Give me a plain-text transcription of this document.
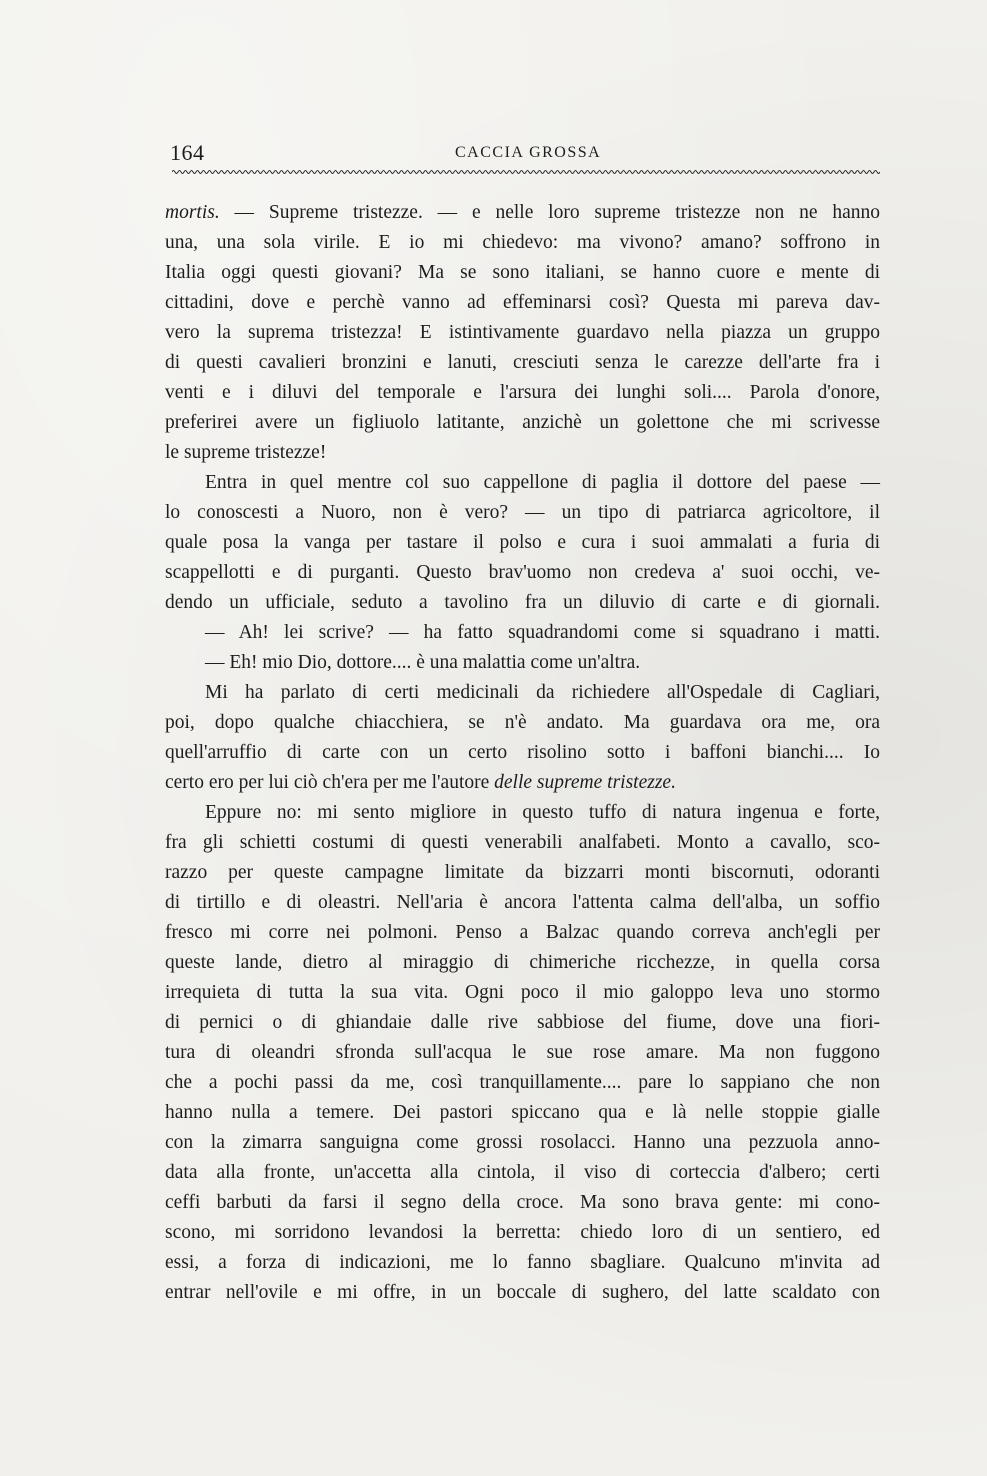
164	CACCIA GROSSA
mortis. — Supreme tristezze. — e nelle loro supreme tristezze non ne hanno
una, una sola virile. E io mi chiedevo: ma vivono? amano? soffrono in
Italia oggi questi giovani? Ma se sono italiani, se hanno cuore e mente di
cittadini, dove e perchè vanno ad effeminarsi così? Questa mi pareva dav-
vero la suprema tristezza! E istintivamente guardavo nella piazza un gruppo
di questi cavalieri bronzini e lanuti, cresciuti senza le carezze dell'arte fra i
venti e i diluvi del temporale e l'arsura dei lunghi soli.... Parola d'onore,
preferirei avere un figliuolo latitante, anzichè un golettone che mi scrivesse
le supreme tristezze!
Entra in quel mentre col suo cappellone di paglia il dottore del paese —
lo conoscesti a Nuoro, non è vero? — un tipo di patriarca agricoltore, il
quale posa la vanga per tastare il polso e cura i suoi ammalati a furia di
scappellotti e di purganti. Questo brav'uomo non credeva a' suoi occhi, ve-
dendo un ufficiale, seduto a tavolino fra un diluvio di carte e di giornali.
— Ah! lei scrive? — ha fatto squadrandomi come si squadrano i matti.
— Eh! mio Dio, dottore.... è una malattia come un'altra.
Mi ha parlato di certi medicinali da richiedere all'Ospedale di Cagliari,
poi, dopo qualche chiacchiera, se n'è andato. Ma guardava ora me, ora
quell'arruffio di carte con un certo risolino sotto i baffoni bianchi.... Io
certo ero per lui ciò ch'era per me l'autore delle supreme tristezze.
Eppure no: mi sento migliore in questo tuffo di natura ingenua e forte,
fra gli schietti costumi di questi venerabili analfabeti. Monto a cavallo, sco-
razzo per queste campagne limitate da bizzarri monti biscornuti, odoranti
di tirtillo e di oleastri. Nell'aria è ancora l'attenta calma dell'alba, un soffio
fresco mi corre nei polmoni. Penso a Balzac quando correva anch'egli per
queste lande, dietro al miraggio di chimeriche ricchezze, in quella corsa
irrequieta di tutta la sua vita. Ogni poco il mio galoppo leva uno stormo
di pernici o di ghiandaie dalle rive sabbiose del fiume, dove una fiori-
tura di oleandri sfronda sull'acqua le sue rose amare. Ma non fuggono
che a pochi passi da me, così tranquillamente.... pare lo sappiano che non
hanno nulla a temere. Dei pastori spiccano qua e là nelle stoppie gialle
con la zimarra sanguigna come grossi rosolacci. Hanno una pezzuola anno-
data alla fronte, un'accetta alla cintola, il viso di corteccia d'albero; certi
ceffi barbuti da farsi il segno della croce. Ma sono brava gente: mi cono-
scono, mi sorridono levandosi la berretta: chiedo loro di un sentiero, ed
essi, a forza di indicazioni, me lo fanno sbagliare. Qualcuno m'invita ad
entrar nell'ovile e mi offre, in un boccale di sughero, del latte scaldato con
